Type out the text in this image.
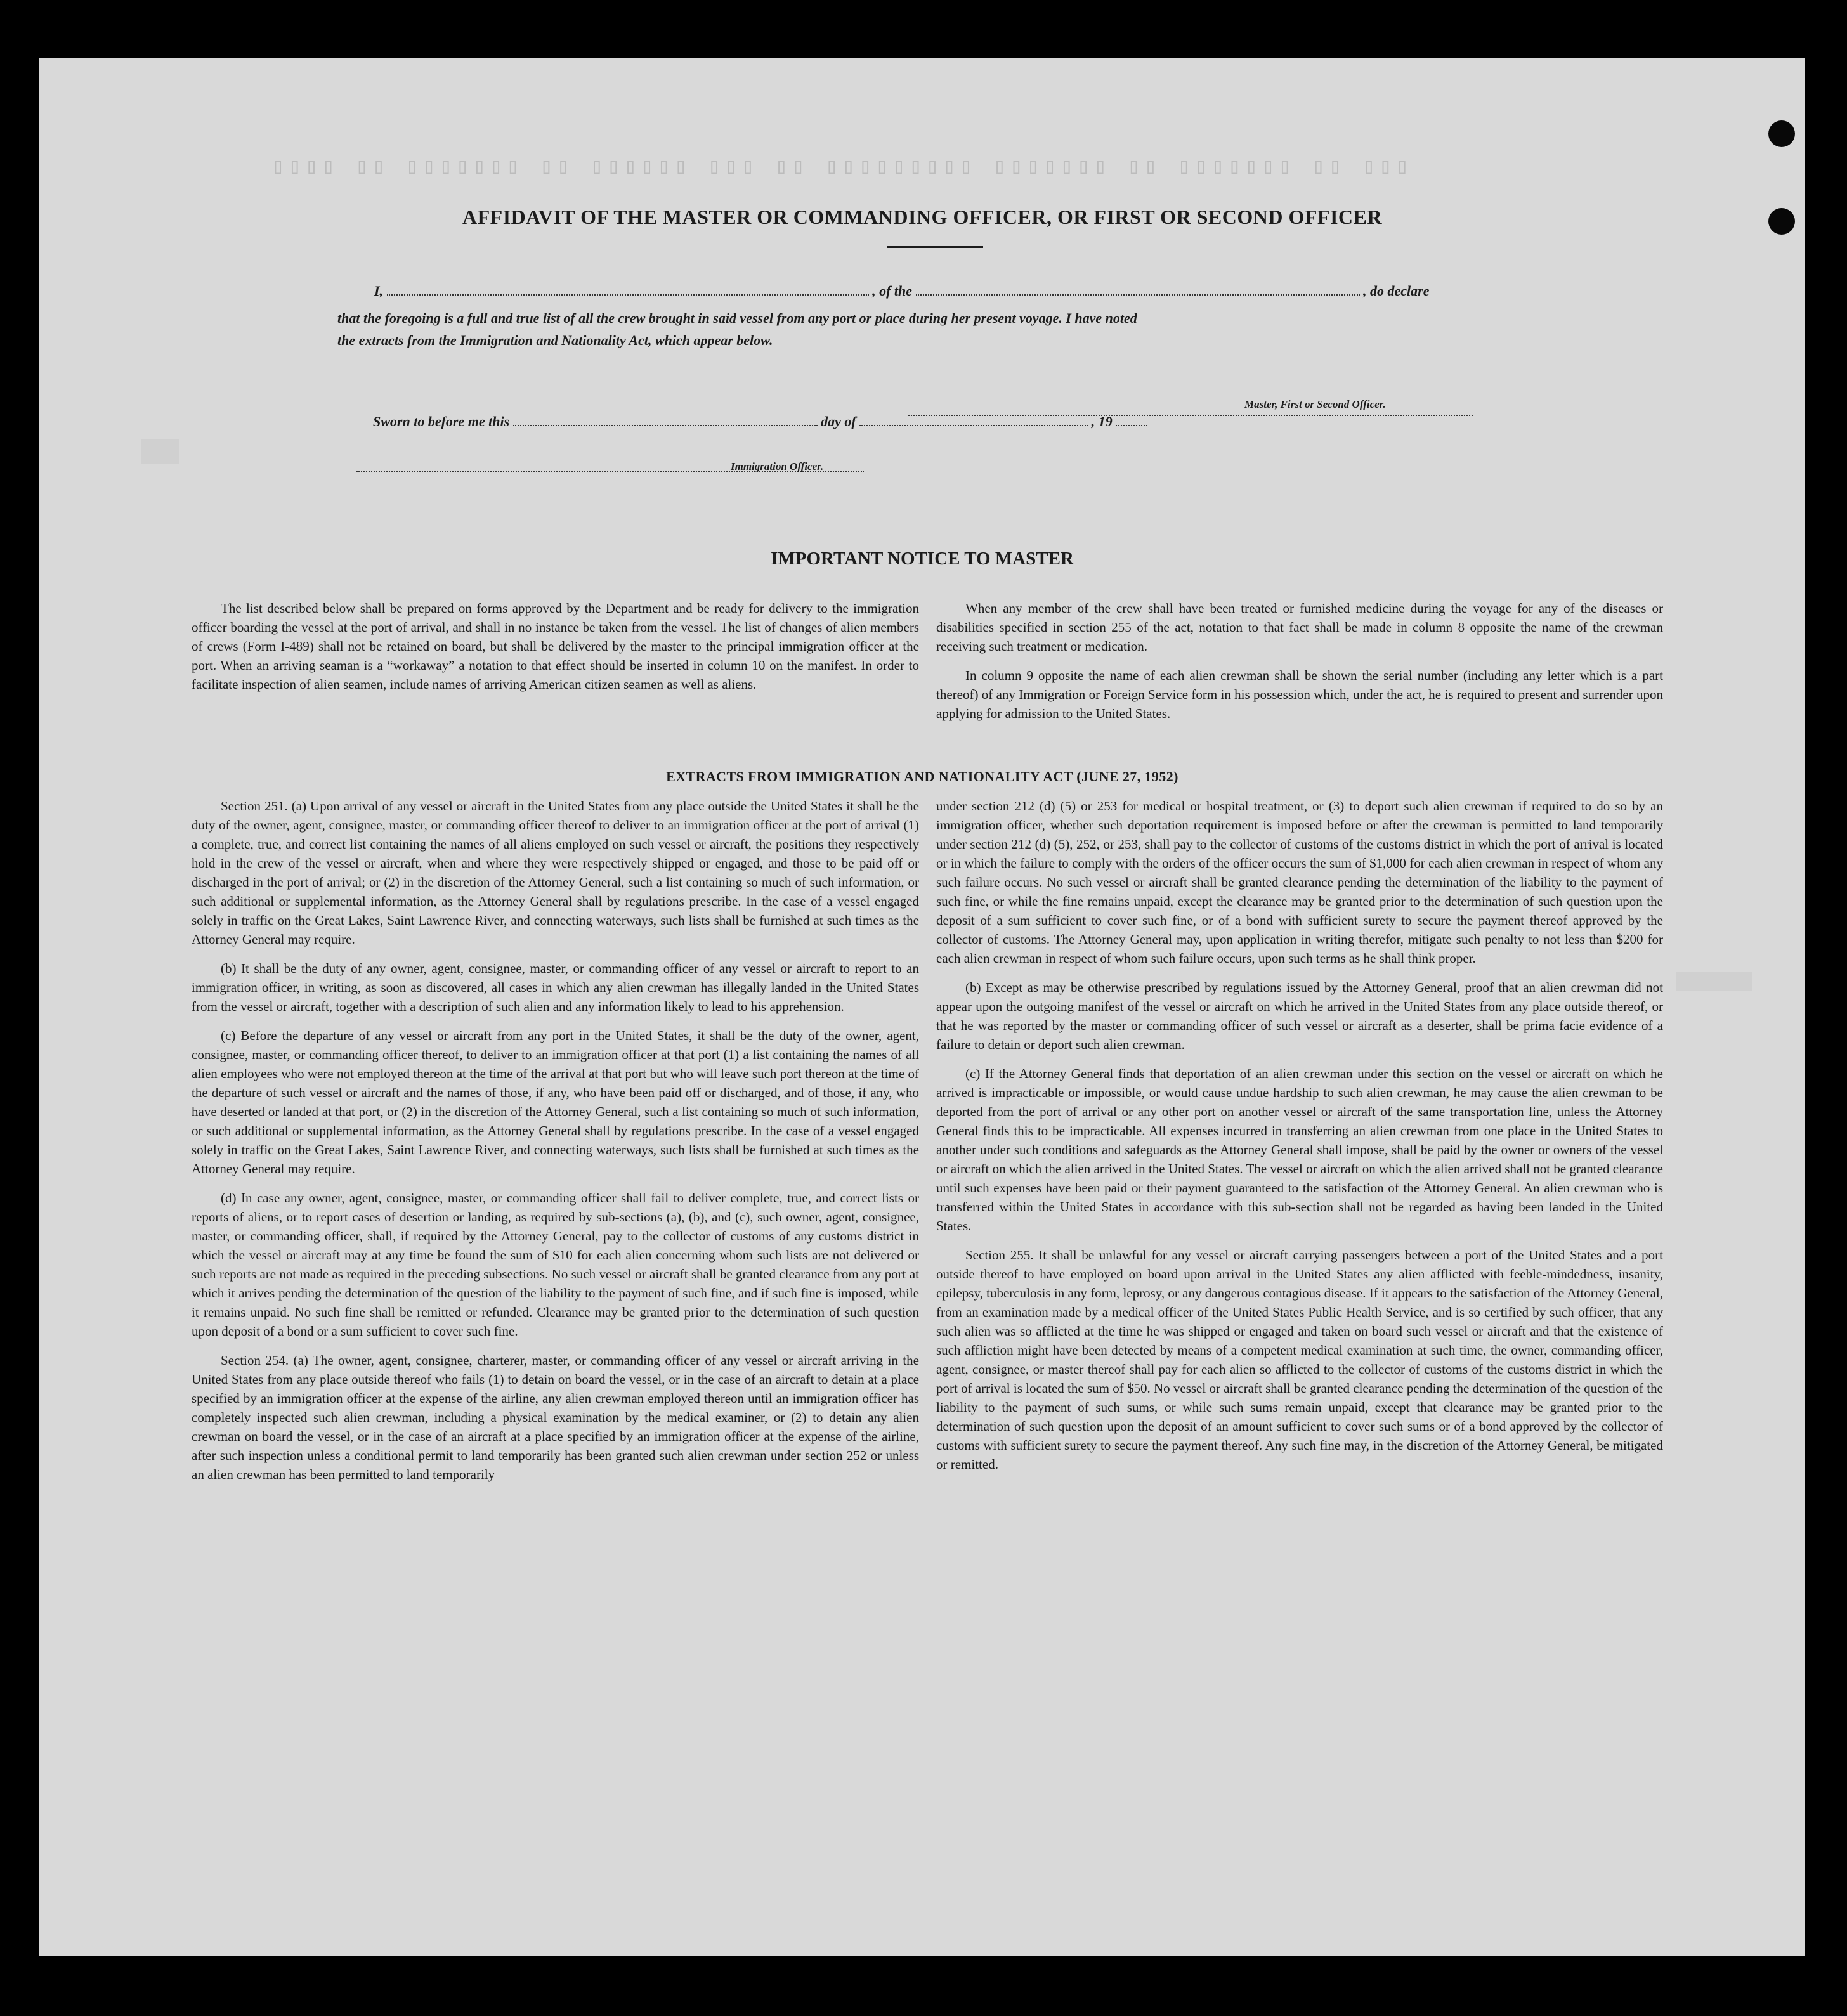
▯▯▯ ▯▯ ▯▯▯▯▯▯▯ ▯▯ ▯▯▯▯▯▯▯ ▯▯▯▯▯▯▯▯▯ ▯▯ ▯▯▯ ▯▯▯▯▯▯ ▯▯ ▯▯▯▯▯▯▯ ▯▯ ▯▯▯▯
AFFIDAVIT OF THE MASTER OR COMMANDING OFFICER, OR FIRST OR SECOND OFFICER
I,	, of the	, do declare
that the foregoing is a full and true list of all the crew brought in said vessel from any port or place during her present voyage. I have noted
the extracts from the Immigration and Nationality Act, which appear below.
Master, First or Second Officer.
Sworn to before me this	day of	, 19
Immigration Officer.
IMPORTANT NOTICE TO MASTER

The list described below shall be prepared on forms approved by the Department and be ready for delivery to the immigration officer boarding the vessel at the port of arrival, and shall in no instance be taken from the vessel. The list of changes of alien members of crews (Form I-489) shall not be retained on board, but shall be delivered by the master to the principal immigration officer at the port. When an arriving seaman is a “workaway” a notation to that effect should be inserted in column 10 on the manifest. In order to facilitate inspection of alien seamen, include names of arriving American citizen seamen as well as aliens.

When any member of the crew shall have been treated or furnished medicine during the voyage for any of the diseases or disabilities specified in section 255 of the act, notation to that fact shall be made in column 8 opposite the name of the crewman receiving such treatment or medication.

In column 9 opposite the name of each alien crewman shall be shown the serial number (including any letter which is a part thereof) of any Immigration or Foreign Service form in his possession which, under the act, he is required to present and surrender upon applying for admission to the United States.

EXTRACTS FROM IMMIGRATION AND NATIONALITY ACT (JUNE 27, 1952)

Section 251. (a) Upon arrival of any vessel or aircraft in the United States from any place outside the United States it shall be the duty of the owner, agent, consignee, master, or commanding officer thereof to deliver to an immigration officer at the port of arrival (1) a complete, true, and correct list containing the names of all aliens employed on such vessel or aircraft, the positions they respectively hold in the crew of the vessel or aircraft, when and where they were respectively shipped or engaged, and those to be paid off or discharged in the port of arrival; or (2) in the discretion of the Attorney General, such a list containing so much of such information, or such additional or supplemental information, as the Attorney General shall by regulations prescribe. In the case of a vessel engaged solely in traffic on the Great Lakes, Saint Lawrence River, and connecting waterways, such lists shall be furnished at such times as the Attorney General may require.

(b) It shall be the duty of any owner, agent, consignee, master, or commanding officer of any vessel or aircraft to report to an immigration officer, in writing, as soon as discovered, all cases in which any alien crewman has illegally landed in the United States from the vessel or aircraft, together with a description of such alien and any information likely to lead to his apprehension.

(c) Before the departure of any vessel or aircraft from any port in the United States, it shall be the duty of the owner, agent, consignee, master, or commanding officer thereof, to deliver to an immigration officer at that port (1) a list containing the names of all alien employees who were not employed thereon at the time of the arrival at that port but who will leave such port thereon at the time of the departure of such vessel or aircraft and the names of those, if any, who have been paid off or discharged, and of those, if any, who have deserted or landed at that port, or (2) in the discretion of the Attorney General, such a list containing so much of such information, or such additional or supplemental information, as the Attorney General shall by regulations prescribe. In the case of a vessel engaged solely in traffic on the Great Lakes, Saint Lawrence River, and connecting waterways, such lists shall be furnished at such times as the Attorney General may require.

(d) In case any owner, agent, consignee, master, or commanding officer shall fail to deliver complete, true, and correct lists or reports of aliens, or to report cases of desertion or landing, as required by sub-sections (a), (b), and (c), such owner, agent, consignee, master, or commanding officer, shall, if required by the Attorney General, pay to the collector of customs of any customs district in which the vessel or aircraft may at any time be found the sum of $10 for each alien concerning whom such lists are not delivered or such reports are not made as required in the preceding subsections. No such vessel or aircraft shall be granted clearance from any port at which it arrives pending the determination of the question of the liability to the payment of such fine, and if such fine is imposed, while it remains unpaid. No such fine shall be remitted or refunded. Clearance may be granted prior to the determination of such question upon deposit of a bond or a sum sufficient to cover such fine.

Section 254. (a) The owner, agent, consignee, charterer, master, or commanding officer of any vessel or aircraft arriving in the United States from any place outside thereof who fails (1) to detain on board the vessel, or in the case of an aircraft to detain at a place specified by an immigration officer at the expense of the airline, any alien crewman employed thereon until an immigration officer has completely inspected such alien crewman, including a physical examination by the medical examiner, or (2) to detain any alien crewman on board the vessel, or in the case of an aircraft at a place specified by an immigration officer at the expense of the airline, after such inspection unless a conditional permit to land temporarily has been granted such alien crewman under section 252 or unless an alien crewman has been permitted to land temporarily

under section 212 (d) (5) or 253 for medical or hospital treatment, or (3) to deport such alien crewman if required to do so by an immigration officer, whether such deportation requirement is imposed before or after the crewman is permitted to land temporarily under section 212 (d) (5), 252, or 253, shall pay to the collector of customs of the customs district in which the port of arrival is located or in which the failure to comply with the orders of the officer occurs the sum of $1,000 for each alien crewman in respect of whom any such failure occurs. No such vessel or aircraft shall be granted clearance pending the determination of the liability to the payment of such fine, or while the fine remains unpaid, except the clearance may be granted prior to the determination of such question upon the deposit of a sum sufficient to cover such fine, or of a bond with sufficient surety to secure the payment thereof approved by the collector of customs. The Attorney General may, upon application in writing therefor, mitigate such penalty to not less than $200 for each alien crewman in respect of whom such failure occurs, upon such terms as he shall think proper.

(b) Except as may be otherwise prescribed by regulations issued by the Attorney General, proof that an alien crewman did not appear upon the outgoing manifest of the vessel or aircraft on which he arrived in the United States from any place outside thereof, or that he was reported by the master or commanding officer of such vessel or aircraft as a deserter, shall be prima facie evidence of a failure to detain or deport such alien crewman.

(c) If the Attorney General finds that deportation of an alien crewman under this section on the vessel or aircraft on which he arrived is impracticable or impossible, or would cause undue hardship to such alien crewman, he may cause the alien crewman to be deported from the port of arrival or any other port on another vessel or aircraft of the same transportation line, unless the Attorney General finds this to be impracticable. All expenses incurred in transferring an alien crewman from one place in the United States to another under such conditions and safeguards as the Attorney General shall impose, shall be paid by the owner or owners of the vessel or aircraft on which the alien arrived in the United States. The vessel or aircraft on which the alien arrived shall not be granted clearance until such expenses have been paid or their payment guaranteed to the satisfaction of the Attorney General. An alien crewman who is transferred within the United States in accordance with this sub-section shall not be regarded as having been landed in the United States.

Section 255. It shall be unlawful for any vessel or aircraft carrying passengers between a port of the United States and a port outside thereof to have employed on board upon arrival in the United States any alien afflicted with feeble-mindedness, insanity, epilepsy, tuberculosis in any form, leprosy, or any dangerous contagious disease. If it appears to the satisfaction of the Attorney General, from an examination made by a medical officer of the United States Public Health Service, and is so certified by such officer, that any such alien was so afflicted at the time he was shipped or engaged and taken on board such vessel or aircraft and that the existence of such affliction might have been detected by means of a competent medical examination at such time, the owner, commanding officer, agent, consignee, or master thereof shall pay for each alien so afflicted to the collector of customs of the customs district in which the port of arrival is located the sum of $50. No vessel or aircraft shall be granted clearance pending the determination of the question of the liability to the payment of such sums, or while such sums remain unpaid, except that clearance may be granted prior to the determination of such question upon the deposit of an amount sufficient to cover such sums or of a bond approved by the collector of customs with sufficient surety to secure the payment thereof. Any such fine may, in the discretion of the Attorney General, be mitigated or remitted.
